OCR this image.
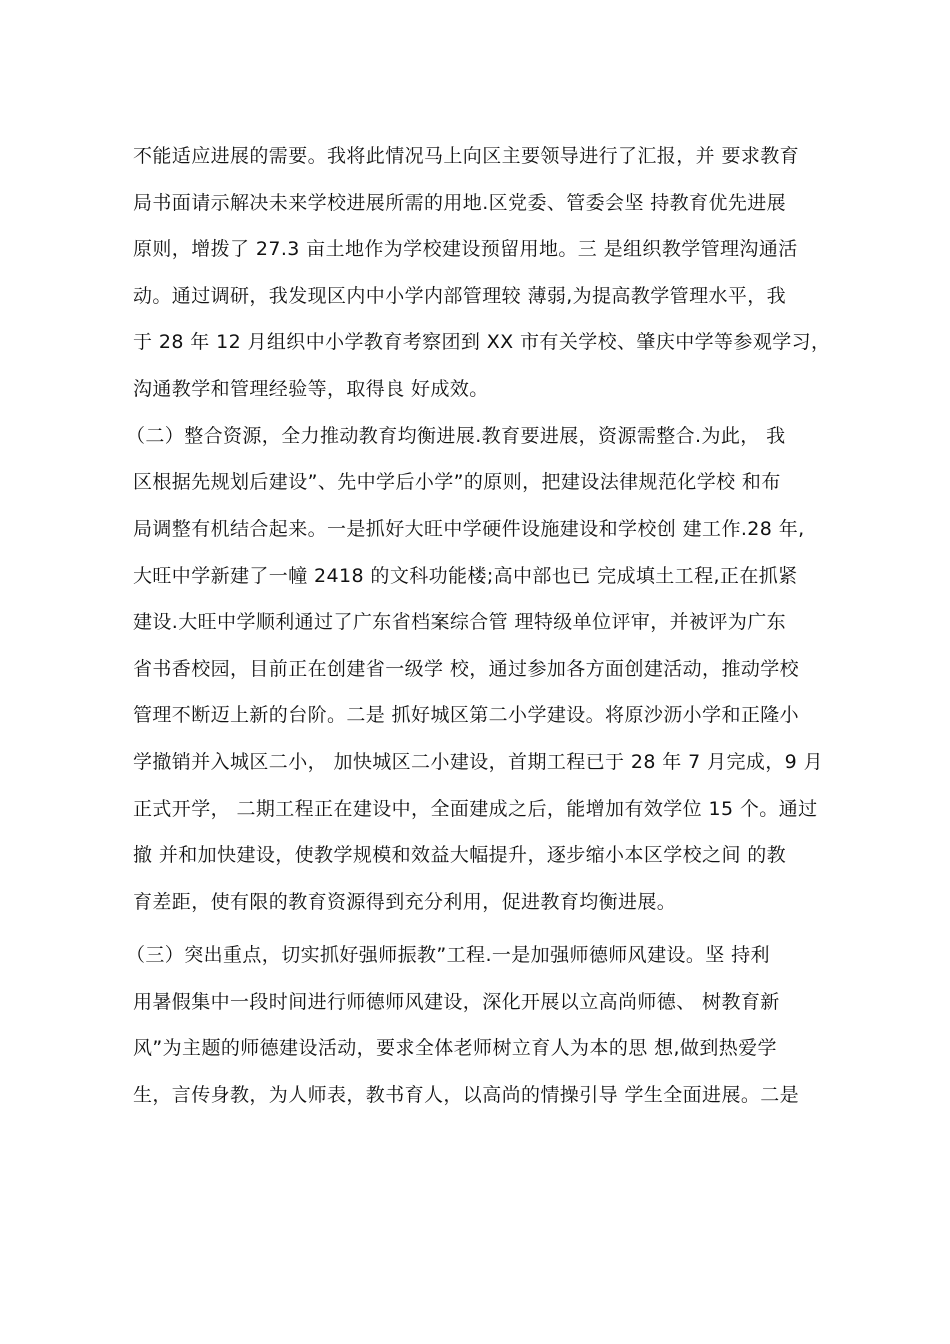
不能适应进展的需要。我将此情况马上向区主要领导进行了汇报，并 要求教育
局书面请示解决未来学校进展所需的用地.区党委、管委会坚 持教育优先进展
原则，增拨了 27.3 亩土地作为学校建设预留用地。三 是组织教学管理沟通活
动。通过调研，我发现区内中小学内部管理较 薄弱,为提高教学管理水平，我
于 28 年 12 月组织中小学教育考察团到 XX 市有关学校、肇庆中学等参观学习，
沟通教学和管理经验等，取得良 好成效。
（二）整合资源，全力推动教育均衡进展.教育要进展，资源需整合.为此， 我
区根据先规划后建设”、先中学后小学”的原则，把建设法律规范化学校 和布
局调整有机结合起来。一是抓好大旺中学硬件设施建设和学校创 建工作.28 年,
大旺中学新建了一幢 2418 的文科功能楼;高中部也已 完成填土工程,正在抓紧
建设.大旺中学顺利通过了广东省档案综合管 理特级单位评审，并被评为广东
省书香校园，目前正在创建省一级学 校，通过参加各方面创建活动，推动学校
管理不断迈上新的台阶。二是 抓好城区第二小学建设。将原沙沥小学和正隆小
学撤销并入城区二小， 加快城区二小建设，首期工程已于 28 年 7 月完成，9 月
正式开学， 二期工程正在建设中，全面建成之后，能增加有效学位 15 个。通过
撤 并和加快建设，使教学规模和效益大幅提升，逐步缩小本区学校之间 的教
育差距，使有限的教育资源得到充分利用，促进教育均衡进展。
（三）突出重点，切实抓好强师振教”工程.一是加强师德师风建设。坚 持利
用暑假集中一段时间进行师德师风建设，深化开展以立高尚师德、 树教育新
风”为主题的师德建设活动，要求全体老师树立育人为本的思 想,做到热爱学
生，言传身教，为人师表，教书育人，以高尚的情操引导 学生全面进展。二是
